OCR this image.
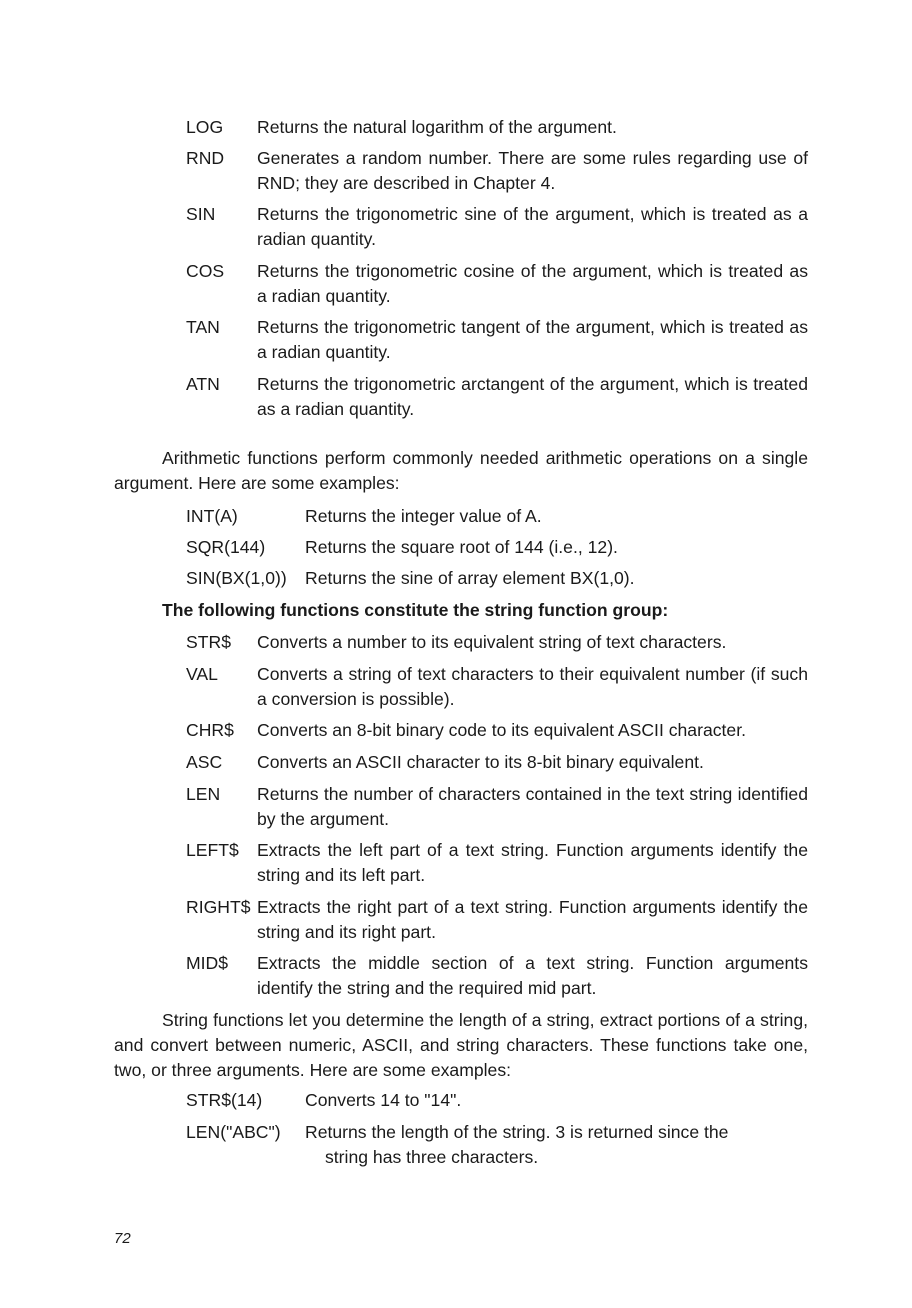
LOG	Returns the natural logarithm of the argument.
RND	Generates a random number. There are some rules regarding use of RND; they are described in Chapter 4.
SIN	Returns the trigonometric sine of the argument, which is treated as a radian quantity.
COS	Returns the trigonometric cosine of the argument, which is treated as a radian quantity.
TAN	Returns the trigonometric tangent of the argument, which is treated as a radian quantity.
ATN	Returns the trigonometric arctangent of the argument, which is treated as a radian quantity.

Arithmetic functions perform commonly needed arithmetic operations on a single argument. Here are some examples:

INT(A)	Returns the integer value of A.
SQR(144)	Returns the square root of 144 (i.e., 12).
SIN(BX(1,0))	Returns the sine of array element BX(1,0).

The following functions constitute the string function group:

STR$	Converts a number to its equivalent string of text characters.
VAL	Converts a string of text characters to their equivalent number (if such a conversion is possible).
CHR$	Converts an 8-bit binary code to its equivalent ASCII character.
ASC	Converts an ASCII character to its 8-bit binary equivalent.
LEN	Returns the number of characters contained in the text string identified by the argument.
LEFT$	Extracts the left part of a text string. Function arguments identify the string and its left part.
RIGHT$ Extracts the right part of a text string. Function arguments identify the string and its right part.
MID$	Extracts the middle section of a text string. Function arguments identify the string and the required mid part.

String functions let you determine the length of a string, extract portions of a string, and convert between numeric, ASCII, and string characters. These functions take one, two, or three arguments. Here are some examples:

STR$(14)	Converts 14 to "14".
LEN("ABC")	Returns the length of the string. 3 is returned since the
string has three characters.
72
